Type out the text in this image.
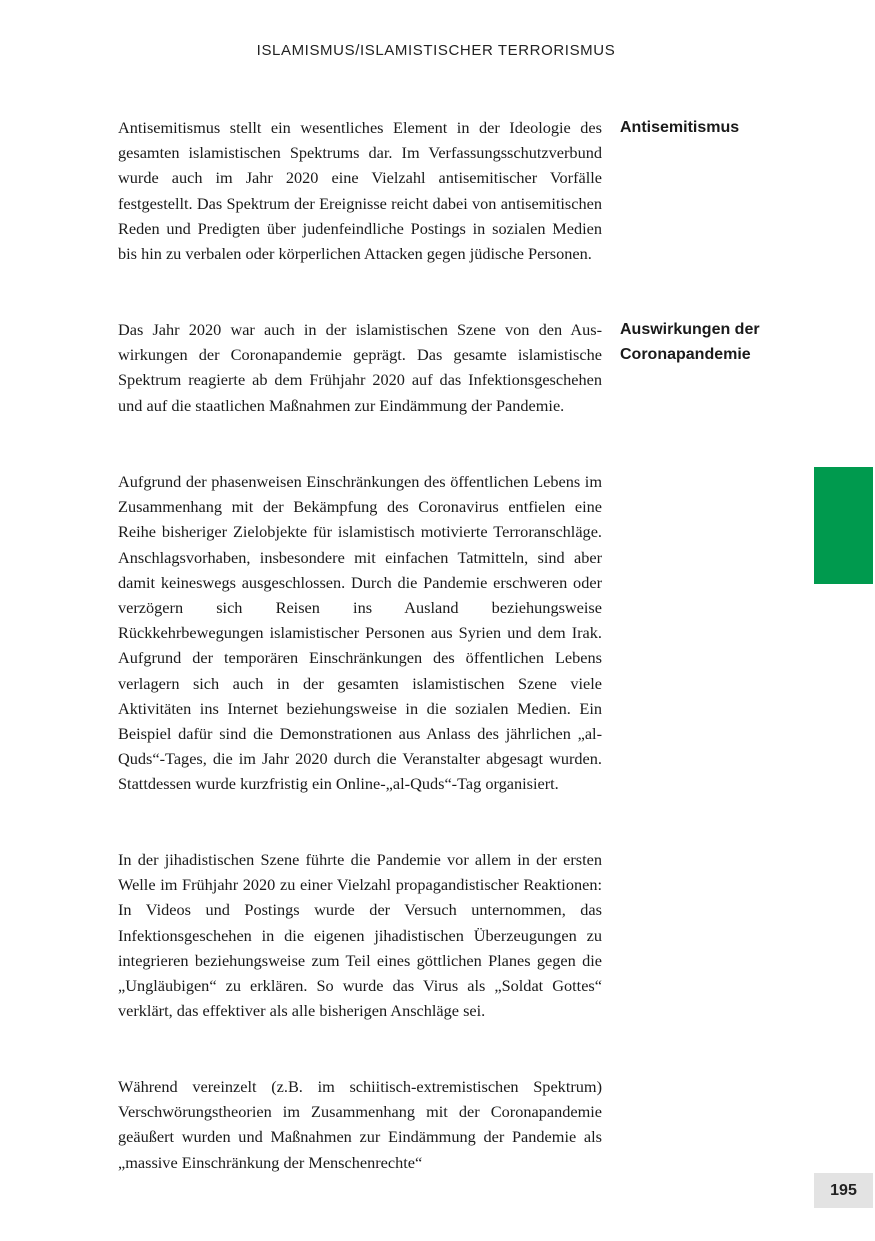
ISLAMISMUS/ISLAMISTISCHER TERRORISMUS

Antisemitismus stellt ein wesentliches Element in der Ideologie des gesamten islamistischen Spektrums dar. Im Verfassungsschutzverbund wurde auch im Jahr 2020 eine Vielzahl antisemitischer Vorfälle festgestellt. Das Spektrum der Ereignisse reicht dabei von antisemitischen Reden und Predigten über judenfeindliche Postings in sozialen Medien bis hin zu verbalen oder körperlichen Attacken gegen jüdische Personen.

Antisemitismus

Das Jahr 2020 war auch in der islamistischen Szene von den Auswirkungen der Coronapandemie geprägt. Das gesamte islamistische Spektrum reagierte ab dem Frühjahr 2020 auf das Infektionsgeschehen und auf die staatlichen Maßnahmen zur Eindämmung der Pandemie.

Auswirkungen der Coronapandemie

Aufgrund der phasenweisen Einschränkungen des öffentlichen Lebens im Zusammenhang mit der Bekämpfung des Coronavirus entfielen eine Reihe bisheriger Zielobjekte für islamistisch motivierte Terroranschläge. Anschlagsvorhaben, insbesondere mit einfachen Tatmitteln, sind aber damit keineswegs ausgeschlossen. Durch die Pandemie erschweren oder verzögern sich Reisen ins Ausland beziehungsweise Rückkehrbewegungen islamistischer Personen aus Syrien und dem Irak. Aufgrund der temporären Einschränkungen des öffentlichen Lebens verlagern sich auch in der gesamten islamistischen Szene viele Aktivitäten ins Internet beziehungsweise in die sozialen Medien. Ein Beispiel dafür sind die Demonstrationen aus Anlass des jährlichen „al-Quds“-Tages, die im Jahr 2020 durch die Veranstalter abgesagt wurden. Stattdessen wurde kurzfristig ein Online-„al-Quds“-Tag organisiert.

In der jihadistischen Szene führte die Pandemie vor allem in der ersten Welle im Frühjahr 2020 zu einer Vielzahl propagandistischer Reaktionen: In Videos und Postings wurde der Versuch unternommen, das Infektionsgeschehen in die eigenen jihadistischen Überzeugungen zu integrieren beziehungsweise zum Teil eines göttlichen Planes gegen die „Ungläubigen“ zu erklären. So wurde das Virus als „Soldat Gottes“ verklärt, das effektiver als alle bisherigen Anschläge sei.

Während vereinzelt (z.B. im schiitisch-extremistischen Spektrum) Verschwörungstheorien im Zusammenhang mit der Coronapandemie geäußert wurden und Maßnahmen zur Eindämmung der Pandemie als „massive Einschränkung der Menschenrechte“

195
